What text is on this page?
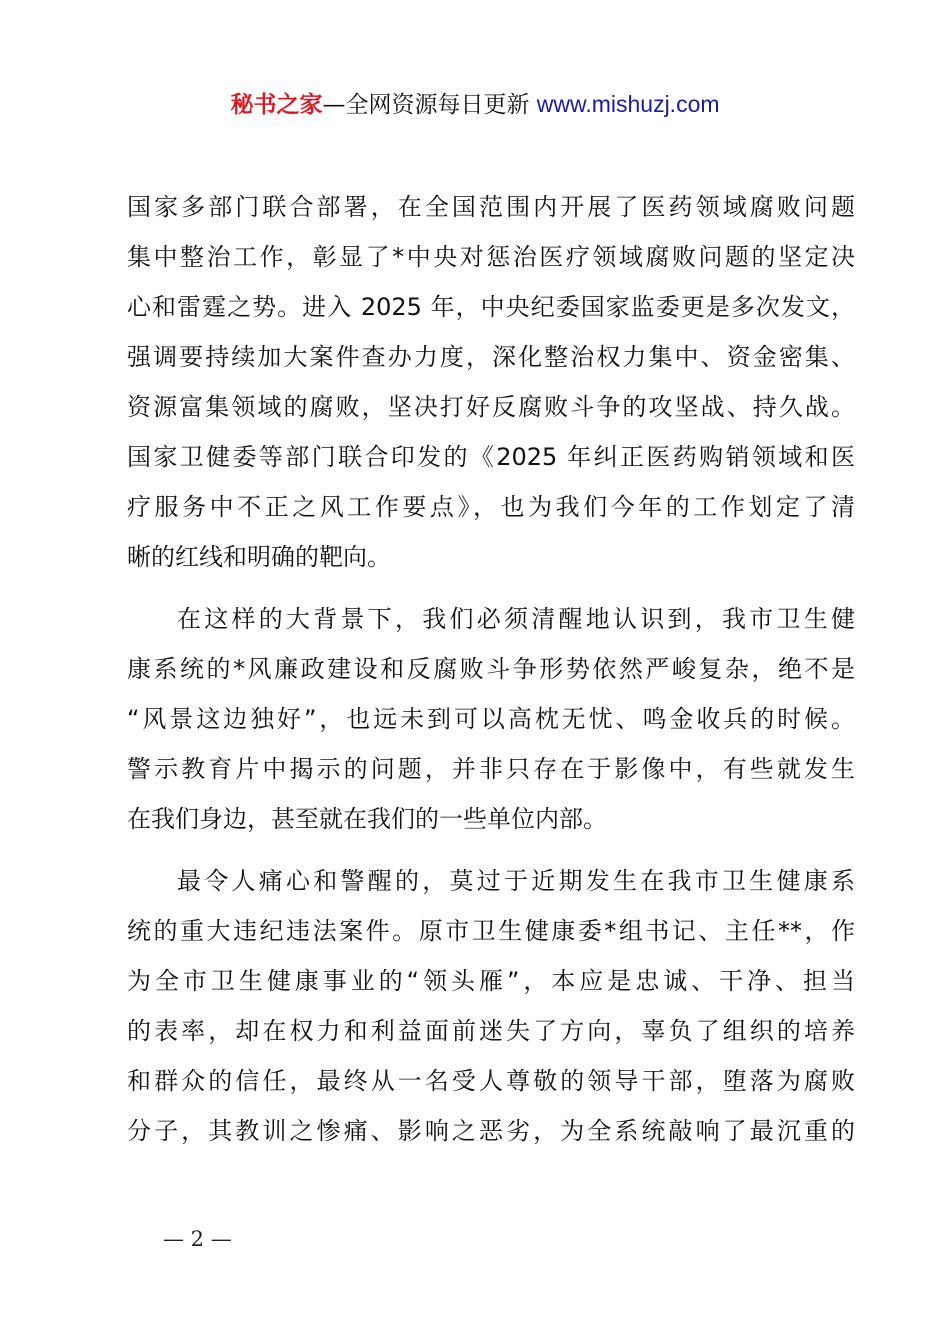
秘书之家—全网资源每日更新 www.mishuzj.com
国家多部门联合部署，在全国范围内开展了医药领域腐败问题
集中整治工作，彰显了*中央对惩治医疗领域腐败问题的坚定决
心和雷霆之势。进入 2025 年，中央纪委国家监委更是多次发文，
强调要持续加大案件查办力度，深化整治权力集中、资金密集、
资源富集领域的腐败，坚决打好反腐败斗争的攻坚战、持久战。
国家卫健委等部门联合印发的《2025 年纠正医药购销领域和医
疗服务中不正之风工作要点》，也为我们今年的工作划定了清
晰的红线和明确的靶向。
在这样的大背景下，我们必须清醒地认识到，我市卫生健
康系统的*风廉政建设和反腐败斗争形势依然严峻复杂，绝不是
“风景这边独好”，也远未到可以高枕无忧、鸣金收兵的时候。
警示教育片中揭示的问题，并非只存在于影像中，有些就发生
在我们身边，甚至就在我们的一些单位内部。
最令人痛心和警醒的，莫过于近期发生在我市卫生健康系
统的重大违纪违法案件。原市卫生健康委*组书记、主任**，作
为全市卫生健康事业的“领头雁”，本应是忠诚、干净、担当
的表率，却在权力和利益面前迷失了方向，辜负了组织的培养
和群众的信任，最终从一名受人尊敬的领导干部，堕落为腐败
分子，其教训之惨痛、影响之恶劣，为全系统敲响了最沉重的
— 2 —
